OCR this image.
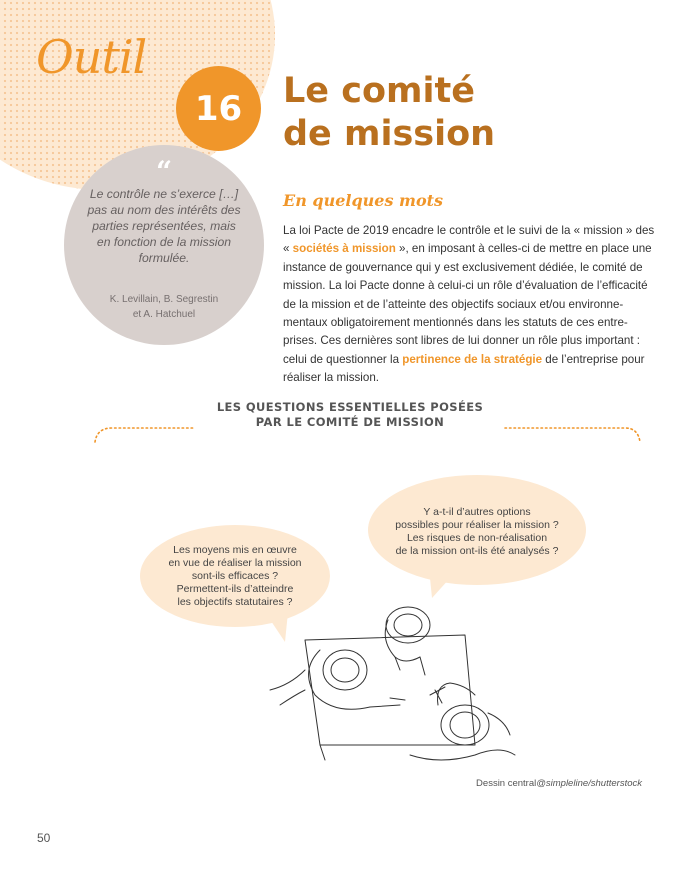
Outil
16	Le comité
de mission
“
Le contrôle ne s’exerce […] pas au nom des intérêts des parties représentées, mais en fonction de la mission formulée.
K. Levillain, B. Segrestin
et A. Hatchuel
En quelques mots
La loi Pacte de 2019 encadre le contrôle et le suivi de la « mission » des « sociétés à mission », en imposant à celles-ci de mettre en place une instance de gouvernance qui y est exclusivement dédiée, le comité de mission. La loi Pacte donne à celui-ci un rôle d’évaluation de l’efficacité de la mission et de l’atteinte des objectifs sociaux et/ou environne-mentaux obligatoirement mentionnés dans les statuts de ces entre-prises. Ces dernières sont libres de lui donner un rôle plus important : celui de questionner la pertinence de la stratégie de l’entreprise pour réaliser la mission.
LES QUESTIONS ESSENTIELLES POSÉES
PAR LE COMITÉ DE MISSION
Les moyens mis en œuvre
en vue de réaliser la mission
sont-ils efficaces ?
Permettent-ils d’atteindre
les objectifs statutaires ?
Y a-t-il d’autres options
possibles pour réaliser la mission ?
Les risques de non-réalisation
de la mission ont-ils été analysés ?
Dessin central@simpleline/shutterstock
50
